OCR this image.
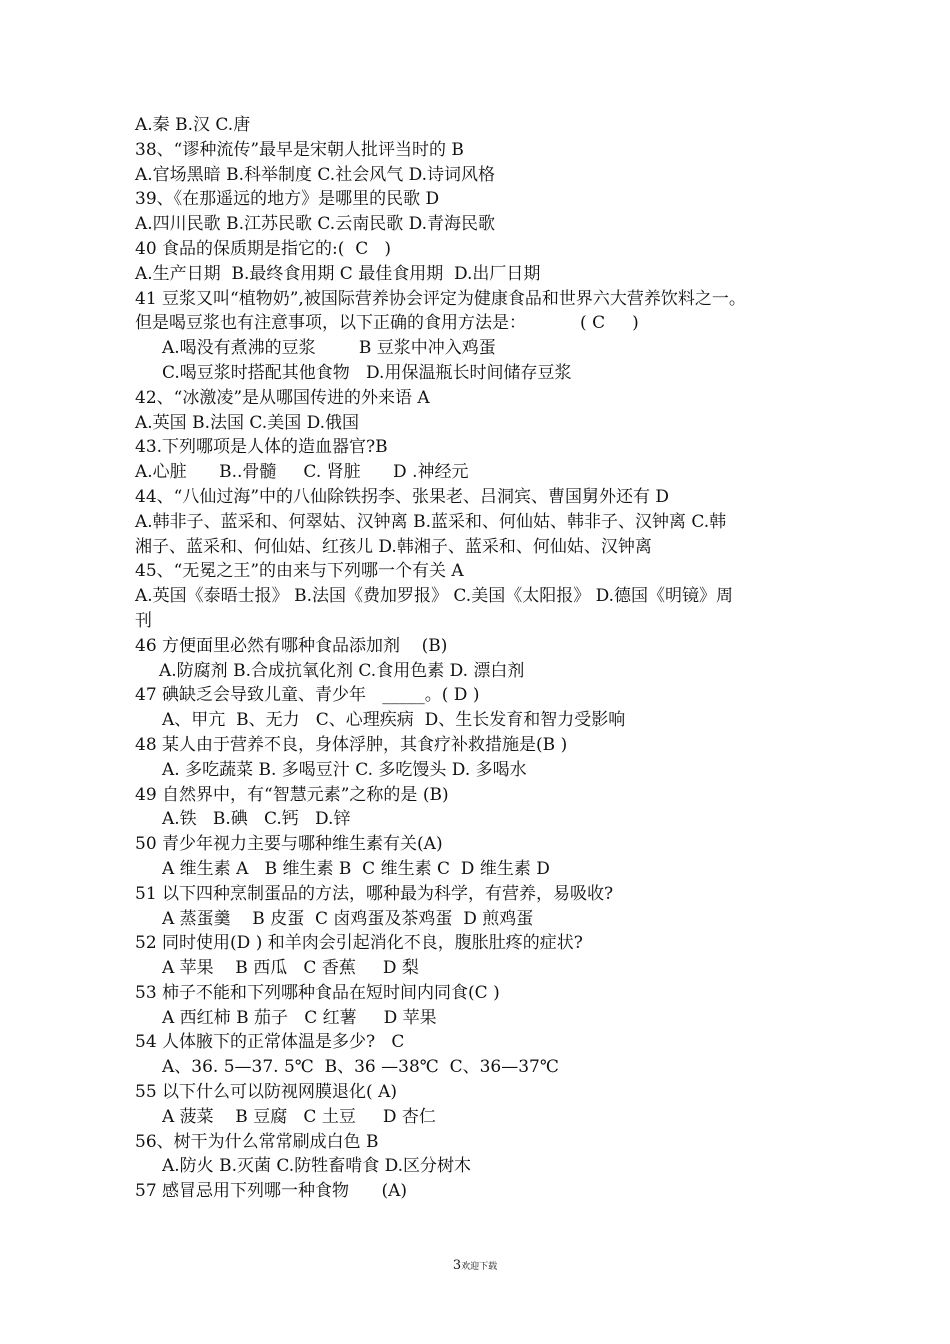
A.秦 B.汉 C.唐
38、“谬种流传”最早是宋朝人批评当时的 B
A.官场黑暗 B.科举制度 C.社会风气 D.诗词风格
39、《在那遥远的地方》是哪里的民歌 D
A.四川民歌 B.江苏民歌 C.云南民歌 D.青海民歌
40 食品的保质期是指它的:(  C   )
A.生产日期  B.最终食用期 C 最佳食用期  D.出厂日期
41 豆浆又叫“植物奶”,被国际营养协会评定为健康食品和世界六大营养饮料之一。
但是喝豆浆也有注意事项，以下正确的食用方法是：          ( C     )
A.喝没有煮沸的豆浆        B 豆浆中冲入鸡蛋
C.喝豆浆时搭配其他食物   D.用保温瓶长时间储存豆浆
42、“冰激凌”是从哪国传进的外来语 A
A.英国 B.法国 C.美国 D.俄国
43.下列哪项是人体的造血器官?B
A.心脏      B..骨髓     C. 肾脏      D .神经元
44、“八仙过海”中的八仙除铁拐李、张果老、吕洞宾、曹国舅外还有 D
A.韩非子、蓝采和、何翠姑、汉钟离 B.蓝采和、何仙姑、韩非子、汉钟离 C.韩
湘子、蓝采和、何仙姑、红孩儿 D.韩湘子、蓝采和、何仙姑、汉钟离
45、“无冕之王”的由来与下列哪一个有关 A
A.英国《泰晤士报》 B.法国《费加罗报》 C.美国《太阳报》 D.德国《明镜》周
刊
46 方便面里必然有哪种食品添加剂    (B)
A.防腐剂 B.合成抗氧化剂 C.食用色素 D. 漂白剂
47 碘缺乏会导致儿童、青少年   _____。( D )
A、甲亢  B、无力   C、心理疾病  D、生长发育和智力受影响
48 某人由于营养不良，身体浮肿，其食疗补救措施是(B )
A. 多吃蔬菜 B. 多喝豆汁 C. 多吃馒头 D. 多喝水
49 自然界中，有“智慧元素”之称的是 (B)
A.铁   B.碘   C.钙   D.锌
50 青少年视力主要与哪种维生素有关(A)
A 维生素 A   B 维生素 B  C 维生素 C  D 维生素 D
51 以下四种烹制蛋品的方法，哪种最为科学，有营养，易吸收?
A 蒸蛋羹    B 皮蛋  C 卤鸡蛋及茶鸡蛋  D 煎鸡蛋
52 同时使用(D ) 和羊肉会引起消化不良，腹胀肚疼的症状?
A 苹果    B 西瓜   C 香蕉     D 梨
53 柿子不能和下列哪种食品在短时间内同食(C )
A 西红柿 B 茄子   C 红薯     D 苹果
54 人体腋下的正常体温是多少?   C
A、36. 5—37. 5℃  B、36 —38℃  C、36—37℃
55 以下什么可以防视网膜退化( A)
A 菠菜    B 豆腐   C 土豆     D 杏仁
56、树干为什么常常刷成白色 B
A.防火 B.灭菌 C.防牲畜啃食 D.区分树木
57 感冒忌用下列哪一种食物      (A)
3欢迎下载
